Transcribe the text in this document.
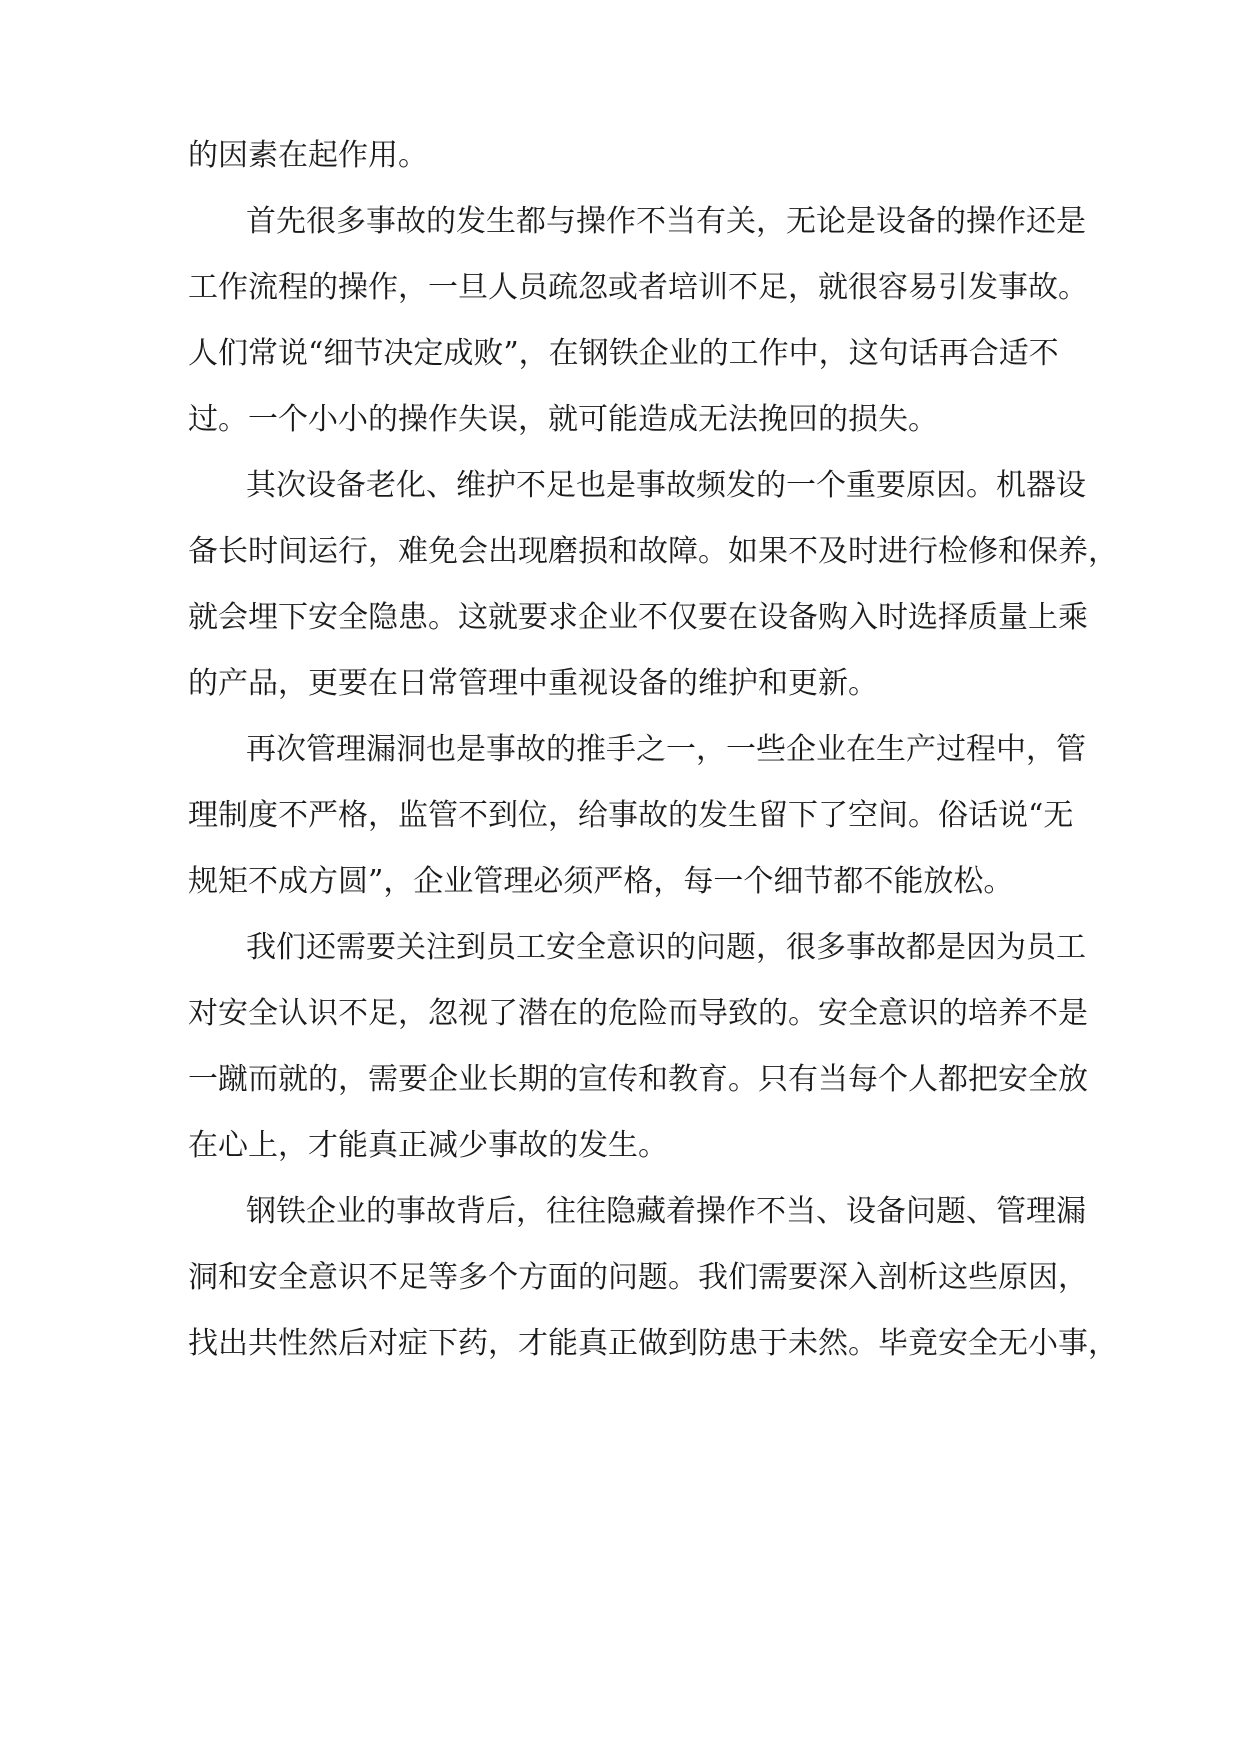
的因素在起作用。

首先很多事故的发生都与操作不当有关，无论是设备的操作还是

工作流程的操作，一旦人员疏忽或者培训不足，就很容易引发事故。

人们常说“细节决定成败”，在钢铁企业的工作中，这句话再合适不

过。一个小小的操作失误，就可能造成无法挽回的损失。

其次设备老化、维护不足也是事故频发的一个重要原因。机器设

备长时间运行，难免会出现磨损和故障。如果不及时进行检修和保养，

就会埋下安全隐患。这就要求企业不仅要在设备购入时选择质量上乘

的产品，更要在日常管理中重视设备的维护和更新。

再次管理漏洞也是事故的推手之一，一些企业在生产过程中，管

理制度不严格，监管不到位，给事故的发生留下了空间。俗话说“无

规矩不成方圆”，企业管理必须严格，每一个细节都不能放松。

我们还需要关注到员工安全意识的问题，很多事故都是因为员工

对安全认识不足，忽视了潜在的危险而导致的。安全意识的培养不是

一蹴而就的，需要企业长期的宣传和教育。只有当每个人都把安全放

在心上，才能真正减少事故的发生。

钢铁企业的事故背后，往往隐藏着操作不当、设备问题、管理漏

洞和安全意识不足等多个方面的问题。我们需要深入剖析这些原因，

找出共性然后对症下药，才能真正做到防患于未然。毕竟安全无小事，
